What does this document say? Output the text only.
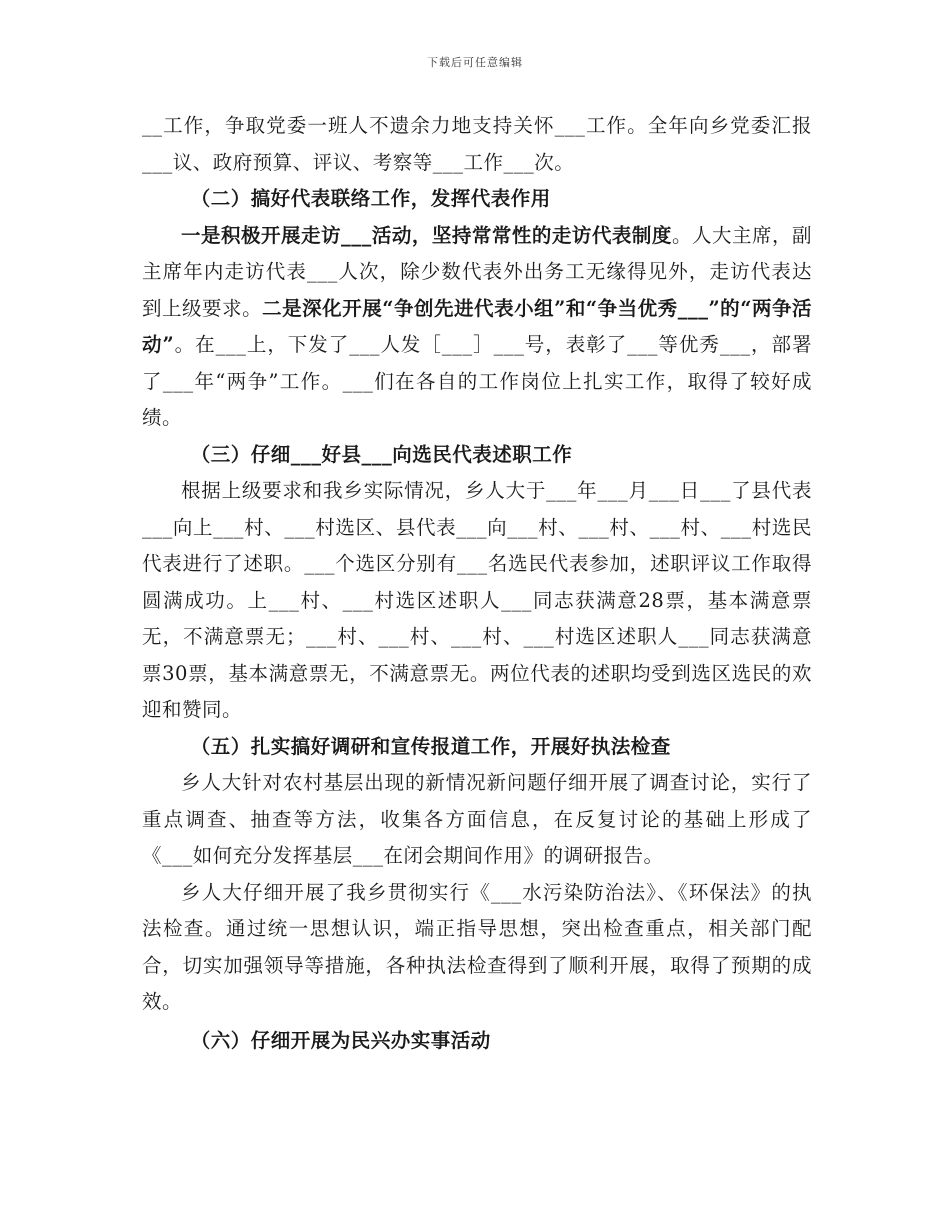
下载后可任意编辑

__工作，争取党委一班人不遗余力地支持关怀___工作。全年向乡党委汇报___议、政府预算、评议、考察等___工作___次。

（二）搞好代表联络工作，发挥代表作用

一是积极开展走访___活动，坚持常常性的走访代表制度。人大主席，副主席年内走访代表___人次，除少数代表外出务工无缘得见外，走访代表达到上级要求。二是深化开展“争创先进代表小组”和“争当优秀___”的“两争活动”。在___上，下发了___人发［___］___号，表彰了___等优秀___，部署了___年“两争”工作。___们在各自的工作岗位上扎实工作，取得了较好成绩。

（三）仔细___好县___向选民代表述职工作

根据上级要求和我乡实际情况，乡人大于___年___月___日___了县代表___向上___村、___村选区、县代表___向___村、___村、___村、___村选民代表进行了述职。___个选区分别有___名选民代表参加，述职评议工作取得圆满成功。上___村、___村选区述职人___同志获满意28票，基本满意票无，不满意票无；___村、___村、___村、___村选区述职人___同志获满意票30票，基本满意票无，不满意票无。两位代表的述职均受到选区选民的欢迎和赞同。

（五）扎实搞好调研和宣传报道工作，开展好执法检查

乡人大针对农村基层出现的新情况新问题仔细开展了调查讨论，实行了重点调查、抽查等方法，收集各方面信息，在反复讨论的基础上形成了《___如何充分发挥基层___在闭会期间作用》的调研报告。

乡人大仔细开展了我乡贯彻实行《___水污染防治法》、《环保法》的执法检查。通过统一思想认识，端正指导思想，突出检查重点，相关部门配合，切实加强领导等措施，各种执法检查得到了顺利开展，取得了预期的成效。

（六）仔细开展为民兴办实事活动
